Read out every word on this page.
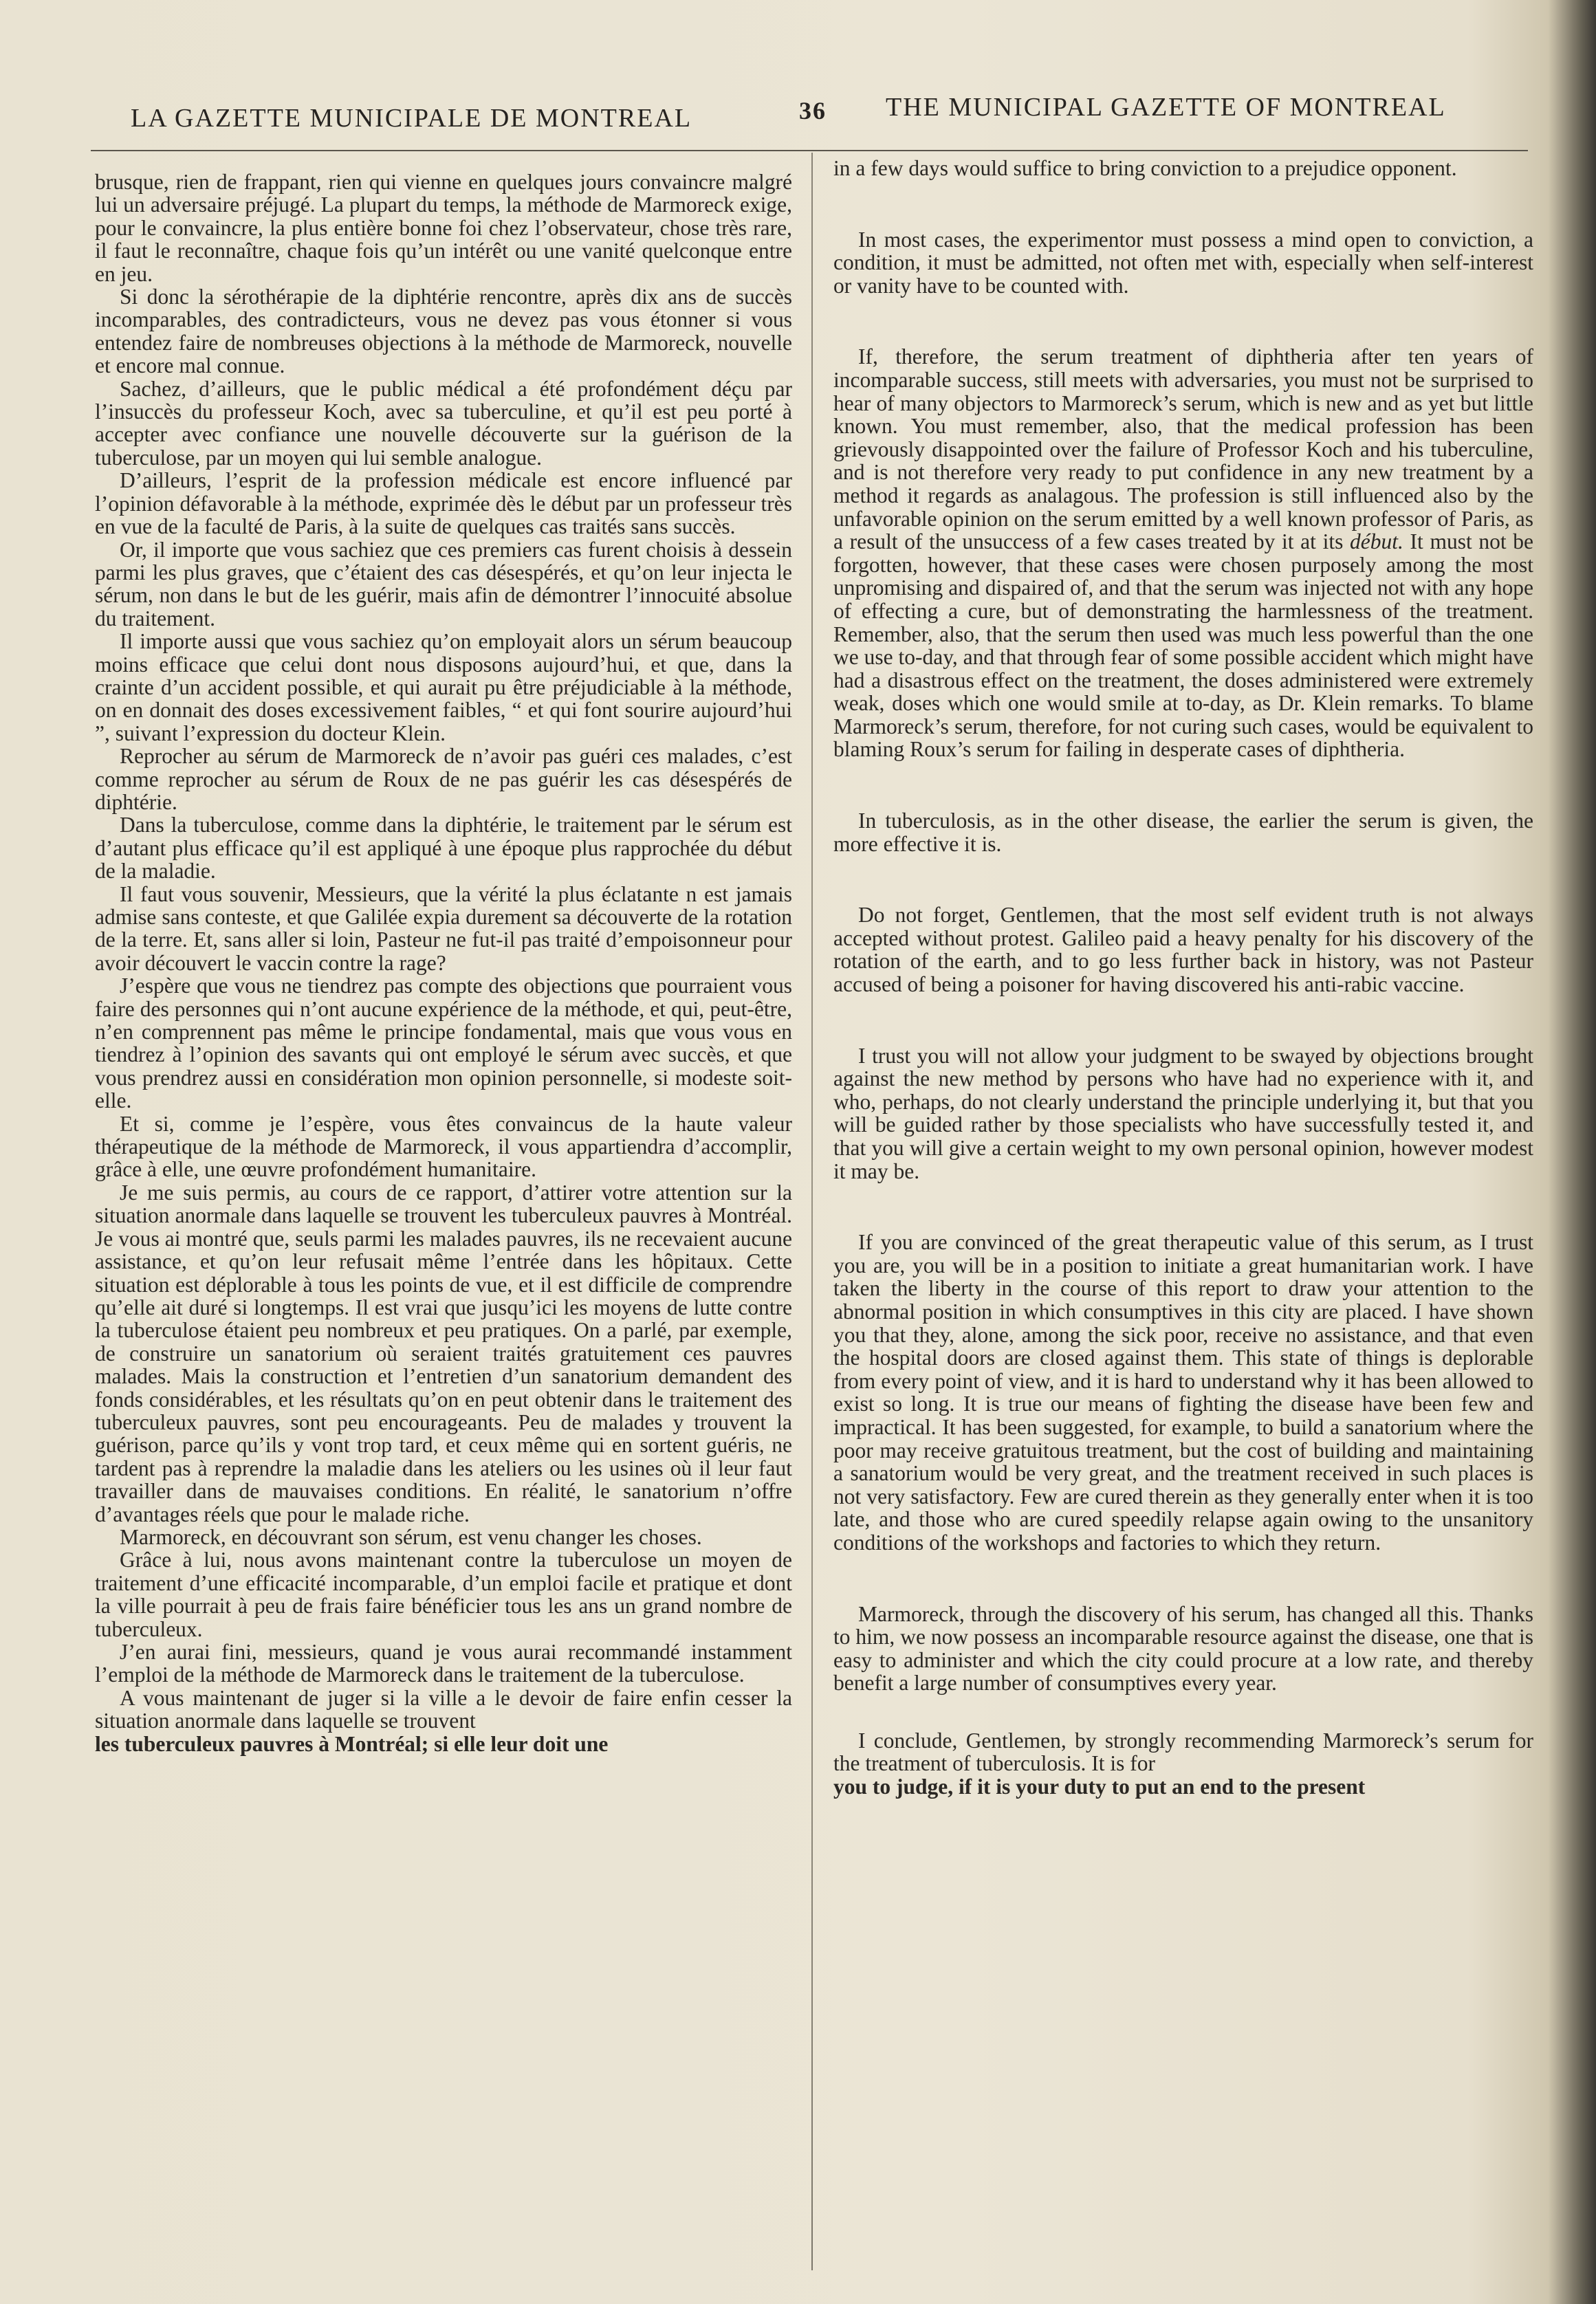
LA GAZETTE MUNICIPALE DE MONTREAL	36 THE MUNICIPAL GAZETTE OF MONTREAL

brusque, rien de frappant, rien qui vienne en quelques jours convaincre malgré lui un adversaire préjugé. La plupart du temps, la méthode de Marmoreck exige, pour le convaincre, la plus entière bonne foi chez l’observateur, chose très rare, il faut le reconnaître, chaque fois qu’un intérêt ou une vanité quelconque entre en jeu.

Si donc la sérothérapie de la diphtérie rencontre, après dix ans de succès incomparables, des contradicteurs, vous ne devez pas vous étonner si vous entendez faire de nombreuses objections à la méthode de Marmoreck, nouvelle et encore mal connue.

Sachez, d’ailleurs, que le public médical a été profondément déçu par l’insuccès du professeur Koch, avec sa tuberculine, et qu’il est peu porté à accepter avec confiance une nouvelle découverte sur la guérison de la tuberculose, par un moyen qui lui semble analogue.

D’ailleurs, l’esprit de la profession médicale est encore influencé par l’opinion défavorable à la méthode, exprimée dès le début par un professeur très en vue de la faculté de Paris, à la suite de quelques cas traités sans succès.

Or, il importe que vous sachiez que ces premiers cas furent choisis à dessein parmi les plus graves, que c’étaient des cas désespérés, et qu’on leur injecta le sérum, non dans le but de les guérir, mais afin de démontrer l’innocuité absolue du traitement.

Il importe aussi que vous sachiez qu’on employait alors un sérum beaucoup moins efficace que celui dont nous disposons aujourd’hui, et que, dans la crainte d’un accident possible, et qui aurait pu être préjudiciable à la méthode, on en donnait des doses excessivement faibles, “ et qui font sourire aujourd’hui ”, suivant l’expression du docteur Klein.

Reprocher au sérum de Marmoreck de n’avoir pas guéri ces malades, c’est comme reprocher au sérum de Roux de ne pas guérir les cas désespérés de diphtérie.

Dans la tuberculose, comme dans la diphtérie, le traitement par le sérum est d’autant plus efficace qu’il est appliqué à une époque plus rapprochée du début de la maladie.

Il faut vous souvenir, Messieurs, que la vérité la plus éclatante n est jamais admise sans conteste, et que Galilée expia durement sa découverte de la rotation de la terre. Et, sans aller si loin, Pasteur ne fut-il pas traité d’empoisonneur pour avoir découvert le vaccin contre la rage?

J’espère que vous ne tiendrez pas compte des objections que pourraient vous faire des personnes qui n’ont aucune expérience de la méthode, et qui, peut-être, n’en comprennent pas même le principe fondamental, mais que vous vous en tiendrez à l’opinion des savants qui ont employé le sérum avec succès, et que vous prendrez aussi en considération mon opinion personnelle, si modeste soit-elle.

Et si, comme je l’espère, vous êtes convaincus de la haute valeur thérapeutique de la méthode de Marmoreck, il vous appartiendra d’accomplir, grâce à elle, une œuvre profondément humanitaire.

Je me suis permis, au cours de ce rapport, d’attirer votre attention sur la situation anormale dans laquelle se trouvent les tuberculeux pauvres à Montréal. Je vous ai montré que, seuls parmi les malades pauvres, ils ne recevaient aucune assistance, et qu’on leur refusait même l’entrée dans les hôpitaux. Cette situation est déplorable à tous les points de vue, et il est difficile de comprendre qu’elle ait duré si longtemps. Il est vrai que jusqu’ici les moyens de lutte contre la tuberculose étaient peu nombreux et peu pratiques. On a parlé, par exemple, de construire un sanatorium où seraient traités gratuitement ces pauvres malades. Mais la construction et l’entretien d’un sanatorium demandent des fonds considérables, et les résultats qu’on en peut obtenir dans le traitement des tuberculeux pauvres, sont peu encourageants. Peu de malades y trouvent la guérison, parce qu’ils y vont trop tard, et ceux même qui en sortent guéris, ne tardent pas à reprendre la maladie dans les ateliers ou les usines où il leur faut travailler dans de mauvaises conditions. En réalité, le sanatorium n’offre d’avantages réels que pour le malade riche.

Marmoreck, en découvrant son sérum, est venu changer les choses.

Grâce à lui, nous avons maintenant contre la tuberculose un moyen de traitement d’une efficacité incomparable, d’un emploi facile et pratique et dont la ville pourrait à peu de frais faire bénéficier tous les ans un grand nombre de tuberculeux.

J’en aurai fini, messieurs, quand je vous aurai recommandé instamment l’emploi de la méthode de Marmoreck dans le traitement de la tuberculose.

A vous maintenant de juger si la ville a le devoir de faire enfin cesser la situation anormale dans laquelle se trouvent

les tuberculeux pauvres à Montréal; si elle leur doit une

in a few days would suffice to bring conviction to a prejudice opponent.

In most cases, the experimentor must possess a mind open to conviction, a condition, it must be admitted, not often met with, especially when self-interest or vanity have to be counted with.

If, therefore, the serum treatment of diphtheria after ten years of incomparable success, still meets with adversaries, you must not be surprised to hear of many objectors to Marmoreck’s serum, which is new and as yet but little known. You must remember, also, that the medical profession has been grievously disappointed over the failure of Professor Koch and his tuberculine, and is not therefore very ready to put confidence in any new treatment by a method it regards as analagous. The profession is still influenced also by the unfavorable opinion on the serum emitted by a well known professor of Paris, as a result of the unsuccess of a few cases treated by it at its début. It must not be forgotten, however, that these cases were chosen purposely among the most unpromising and dispaired of, and that the serum was injected not with any hope of effecting a cure, but of demonstrating the harmlessness of the treatment. Remember, also, that the serum then used was much less powerful than the one we use to-day, and that through fear of some possible accident which might have had a disastrous effect on the treatment, the doses administered were extremely weak, doses which one would smile at to-day, as Dr. Klein remarks. To blame Marmoreck’s serum, therefore, for not curing such cases, would be equivalent to blaming Roux’s serum for failing in desperate cases of diphtheria.

In tuberculosis, as in the other disease, the earlier the serum is given, the more effective it is.

Do not forget, Gentlemen, that the most self evident truth is not always accepted without protest. Galileo paid a heavy penalty for his discovery of the rotation of the earth, and to go less further back in history, was not Pasteur accused of being a poisoner for having discovered his anti-rabic vaccine.

I trust you will not allow your judgment to be swayed by objections brought against the new method by persons who have had no experience with it, and who, perhaps, do not clearly understand the principle underlying it, but that you will be guided rather by those specialists who have successfully tested it, and that you will give a certain weight to my own personal opinion, however modest it may be.

If you are convinced of the great therapeutic value of this serum, as I trust you are, you will be in a position to initiate a great humanitarian work. I have taken the liberty in the course of this report to draw your attention to the abnormal position in which consumptives in this city are placed. I have shown you that they, alone, among the sick poor, receive no assistance, and that even the hospital doors are closed against them. This state of things is deplorable from every point of view, and it is hard to understand why it has been allowed to exist so long. It is true our means of fighting the disease have been few and impractical. It has been suggested, for example, to build a sanatorium where the poor may receive gratuitous treatment, but the cost of building and maintaining a sanatorium would be very great, and the treatment received in such places is not very satisfactory. Few are cured therein as they generally enter when it is too late, and those who are cured speedily relapse again owing to the unsanitory conditions of the workshops and factories to which they return.

Marmoreck, through the discovery of his serum, has changed all this. Thanks to him, we now possess an incomparable resource against the disease, one that is easy to administer and which the city could procure at a low rate, and thereby benefit a large number of consumptives every year.

I conclude, Gentlemen, by strongly recommending Marmoreck’s serum for the treatment of tuberculosis. It is for

you to judge, if it is your duty to put an end to the present
